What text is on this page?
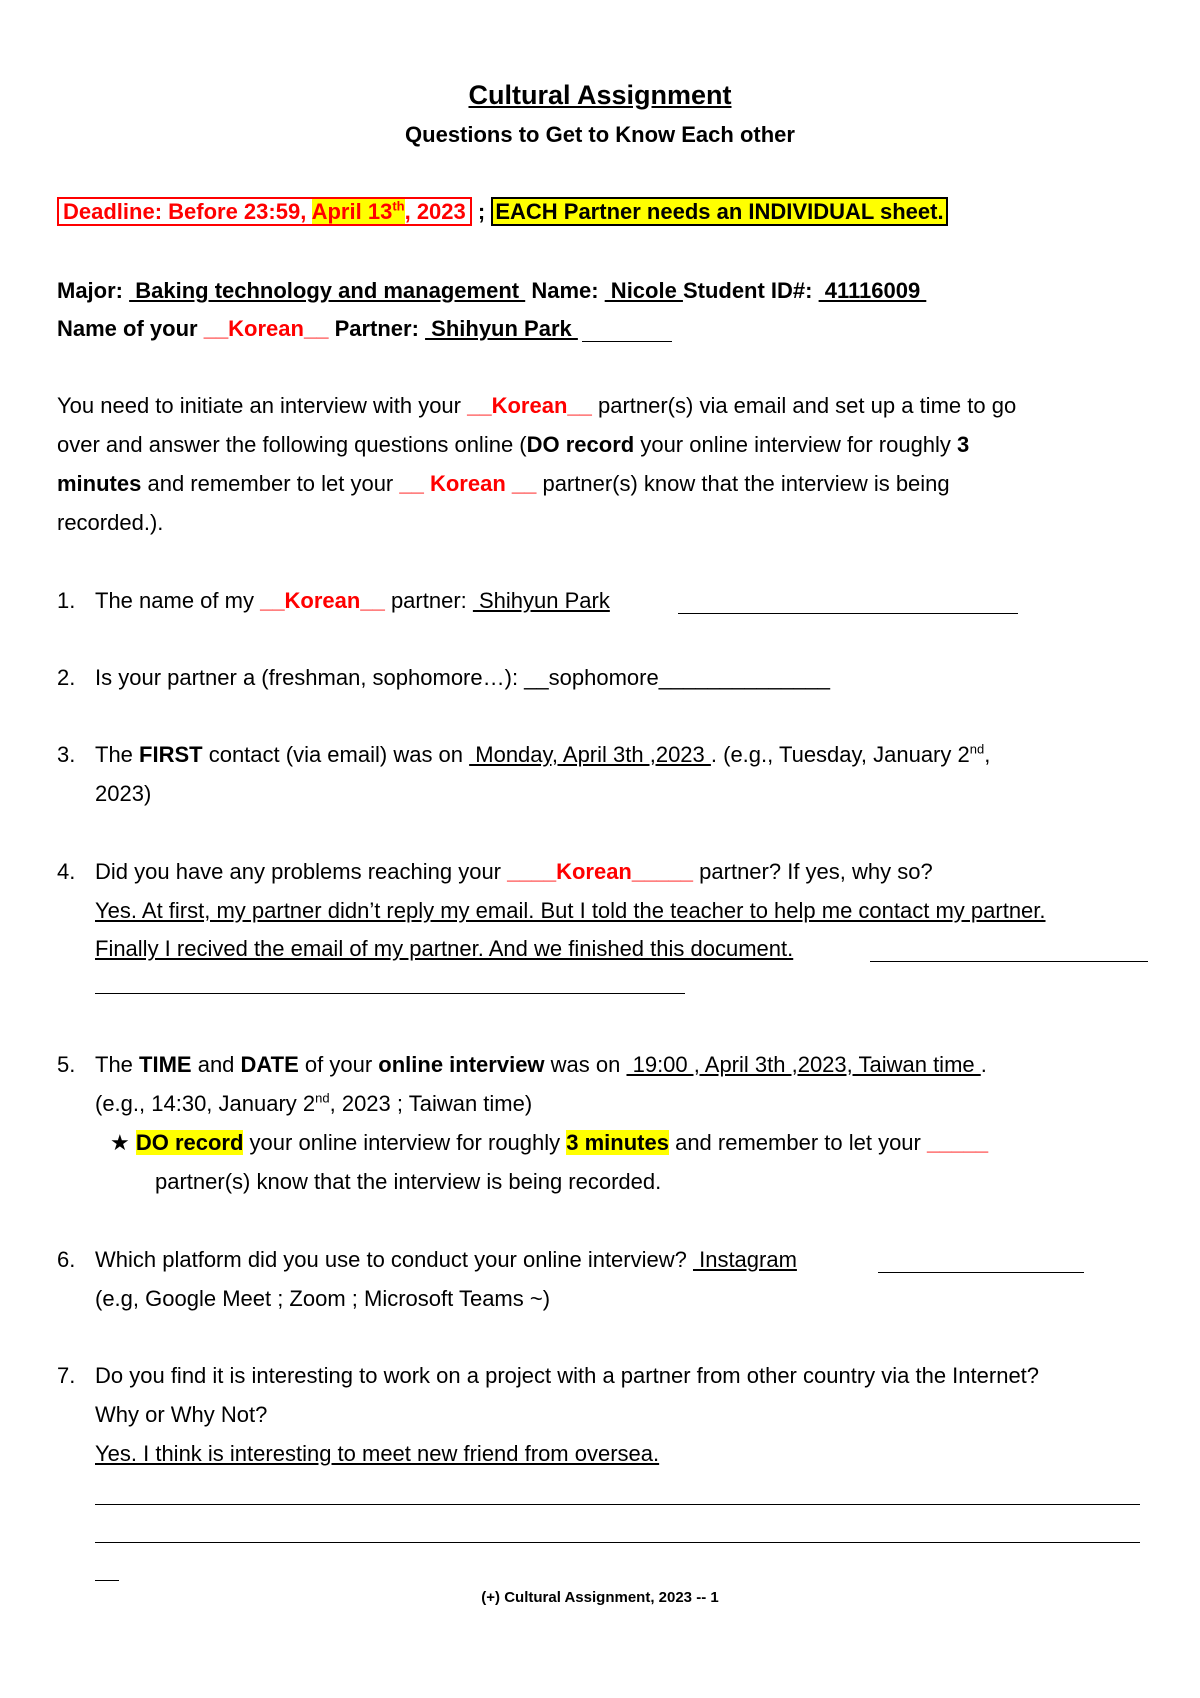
Cultural Assignment
Questions to Get to Know Each other
Deadline: Before 23:59, April 13th, 2023 ; EACH Partner needs an INDIVIDUAL sheet.
Major:  Baking technology and management  Name:  Nicole Student ID#:  41116009
Name of your __Korean__ Partner:  Shihyun Park
You need to initiate an interview with your __Korean__ partner(s) via email and set up a time to go
over and answer the following questions online (DO record your online interview for roughly 3
minutes and remember to let your __ Korean __ partner(s) know that the interview is being
recorded.).
1. The name of my __Korean__ partner:  Shihyun Park
2. Is your partner a (freshman, sophomore…): __sophomore______________
3. The FIRST contact (via email) was on  Monday, April 3th ,2023 . (e.g., Tuesday, January 2nd,
2023)
4. Did you have any problems reaching your ____Korean_____ partner? If yes, why so?
Yes. At first, my partner didn’t reply my email. But I told the teacher to help me contact my partner.
Finally I recived the email of my partner. And we finished this document.
5. The TIME and DATE of your online interview was on  19:00 , April 3th ,2023, Taiwan time .
(e.g., 14:30, January 2nd, 2023 ; Taiwan time)
★ DO record your online interview for roughly 3 minutes and remember to let your _____
partner(s) know that the interview is being recorded.
6. Which platform did you use to conduct your online interview?  Instagram
(e.g, Google Meet ; Zoom ; Microsoft Teams ~)
7. Do you find it is interesting to work on a project with a partner from other country via the Internet?
Why or Why Not?
Yes. I think is interesting to meet new friend from oversea.
(+) Cultural Assignment, 2023 -- 1
